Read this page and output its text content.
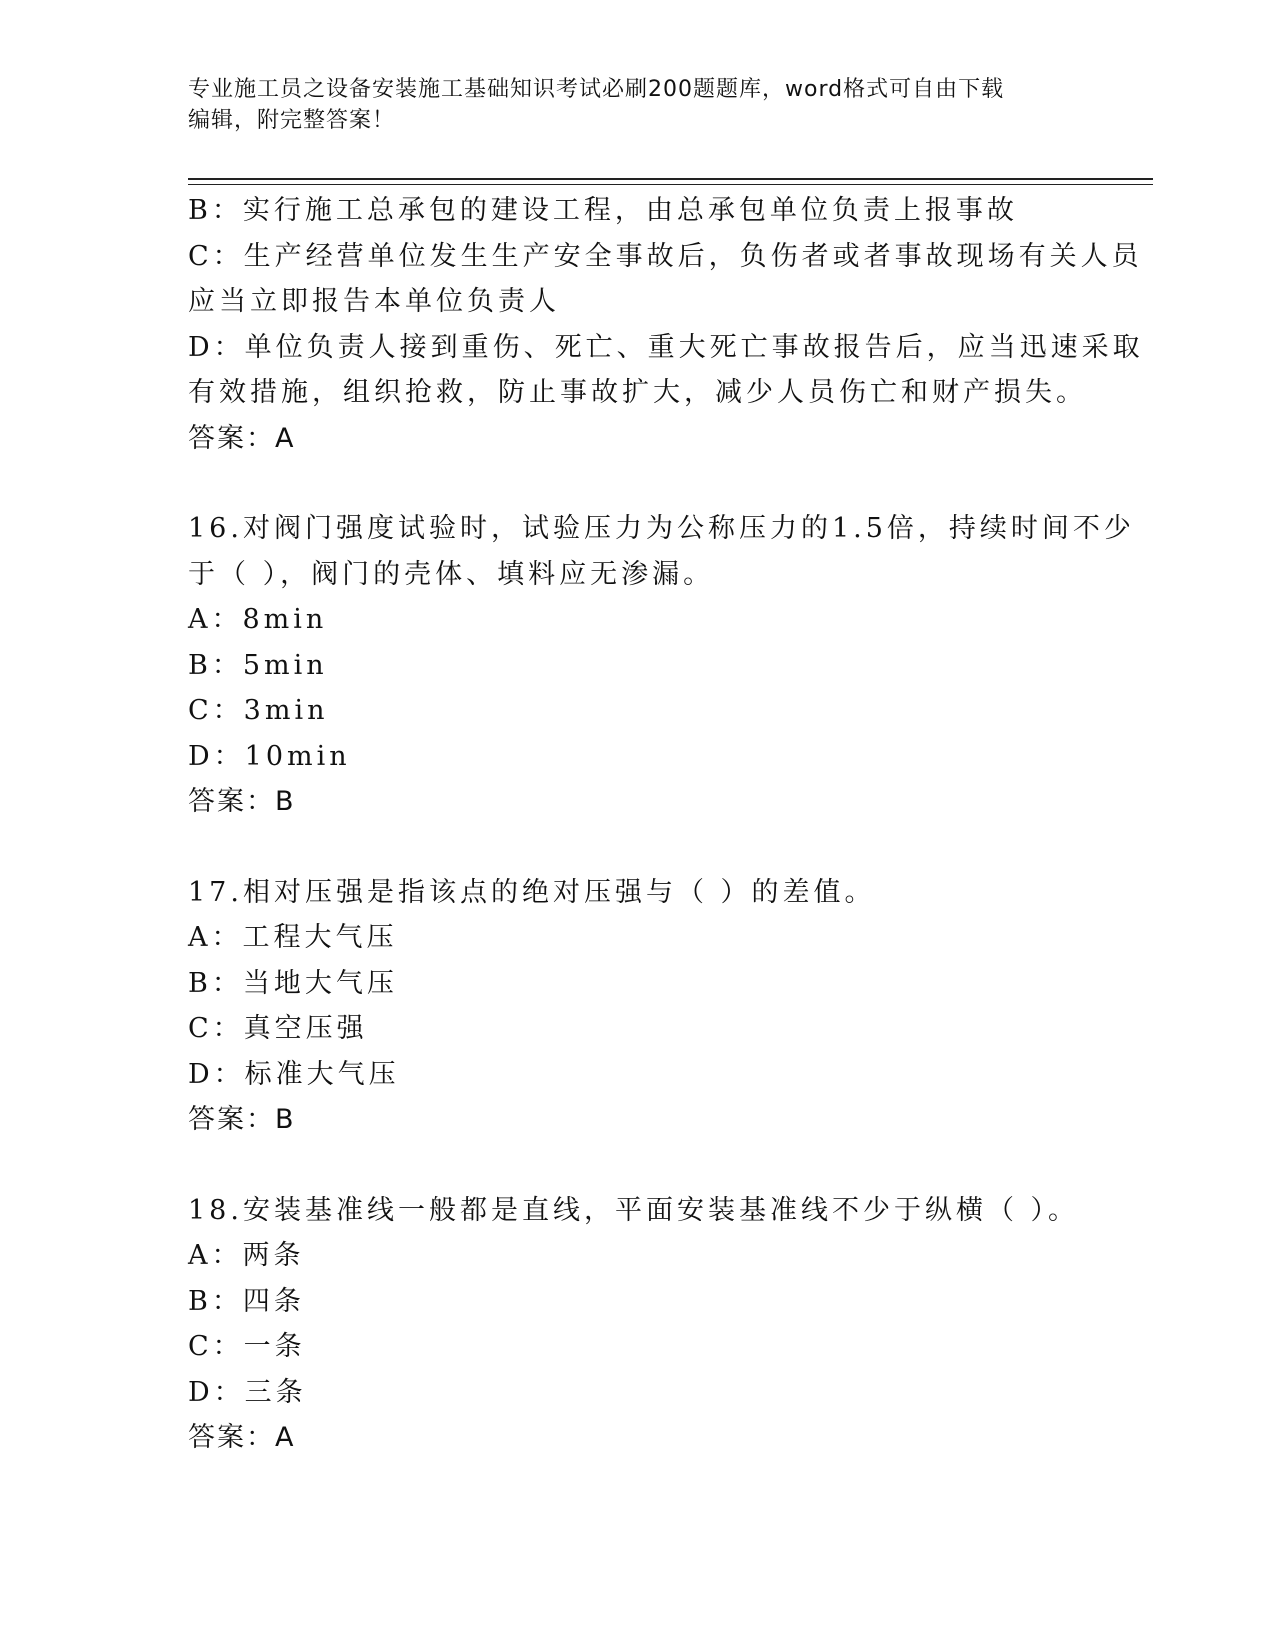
专业施工员之设备安装施工基础知识考试必刷200题题库，word格式可自由下载
编辑，附完整答案！
B：实行施工总承包的建设工程，由总承包单位负责上报事故
C：生产经营单位发生生产安全事故后，负伤者或者事故现场有关人员
应当立即报告本单位负责人
D：单位负责人接到重伤、死亡、重大死亡事故报告后，应当迅速采取
有效措施，组织抢救，防止事故扩大，减少人员伤亡和财产损失。
答案：A
16.对阀门强度试验时，试验压力为公称压力的1.5倍，持续时间不少
于（ ），阀门的壳体、填料应无渗漏。
A：8min
B：5min
C：3min
D：10min
答案：B
17.相对压强是指该点的绝对压强与（ ）的差值。
A：工程大气压
B：当地大气压
C：真空压强
D：标准大气压
答案：B
18.安装基准线一般都是直线，平面安装基准线不少于纵横（ ）。
A：两条
B：四条
C：一条
D：三条
答案：A
